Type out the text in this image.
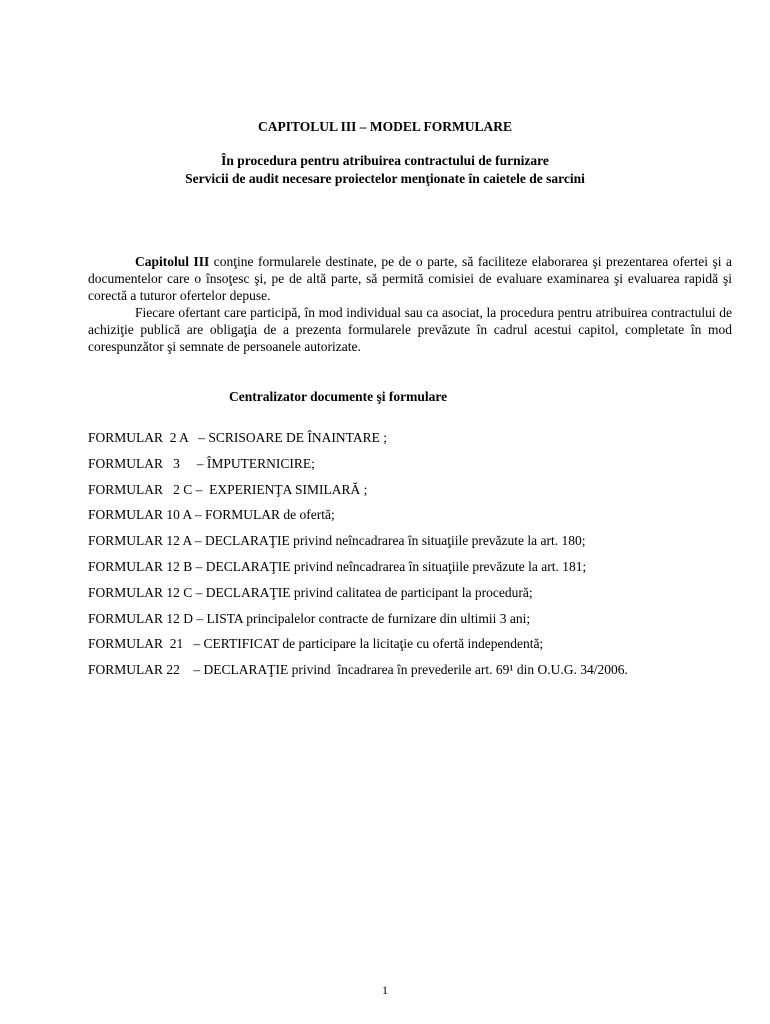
CAPITOLUL III – MODEL FORMULARE
În procedura pentru atribuirea contractului de furnizare
Servicii de audit necesare proiectelor menţionate în caietele de sarcini

Capitolul III conţine formularele destinate, pe de o parte, să faciliteze elaborarea şi prezentarea ofertei şi a documentelor care o însoţesc şi, pe de altă parte, să permită comisiei de evaluare examinarea şi evaluarea rapidă şi corectă a tuturor ofertelor depuse.

Fiecare ofertant care participă, în mod individual sau ca asociat, la procedura pentru atribuirea contractului de achiziţie publică are obligaţia de a prezenta formularele prevăzute în cadrul acestui capitol, completate în mod corespunzător şi semnate de persoanele autorizate.

Centralizator documente şi formulare
FORMULAR  2 A   – SCRISOARE DE ÎNAINTARE ;
FORMULAR   3     – ÎMPUTERNICIRE;
FORMULAR   2 C –  EXPERIENŢA SIMILARĂ ;
FORMULAR 10 A – FORMULAR de ofertă;
FORMULAR 12 A – DECLARAŢIE privind neîncadrarea în situaţiile prevăzute la art. 180;
FORMULAR 12 B – DECLARAŢIE privind neîncadrarea în situaţiile prevăzute la art. 181;
FORMULAR 12 C – DECLARAŢIE privind calitatea de participant la procedură;
FORMULAR 12 D – LISTA principalelor contracte de furnizare din ultimii 3 ani;
FORMULAR  21   – CERTIFICAT de participare la licitaţie cu ofertă independentă;
FORMULAR 22    – DECLARAŢIE privind  încadrarea în prevederile art. 69¹ din O.U.G. 34/2006.
1
